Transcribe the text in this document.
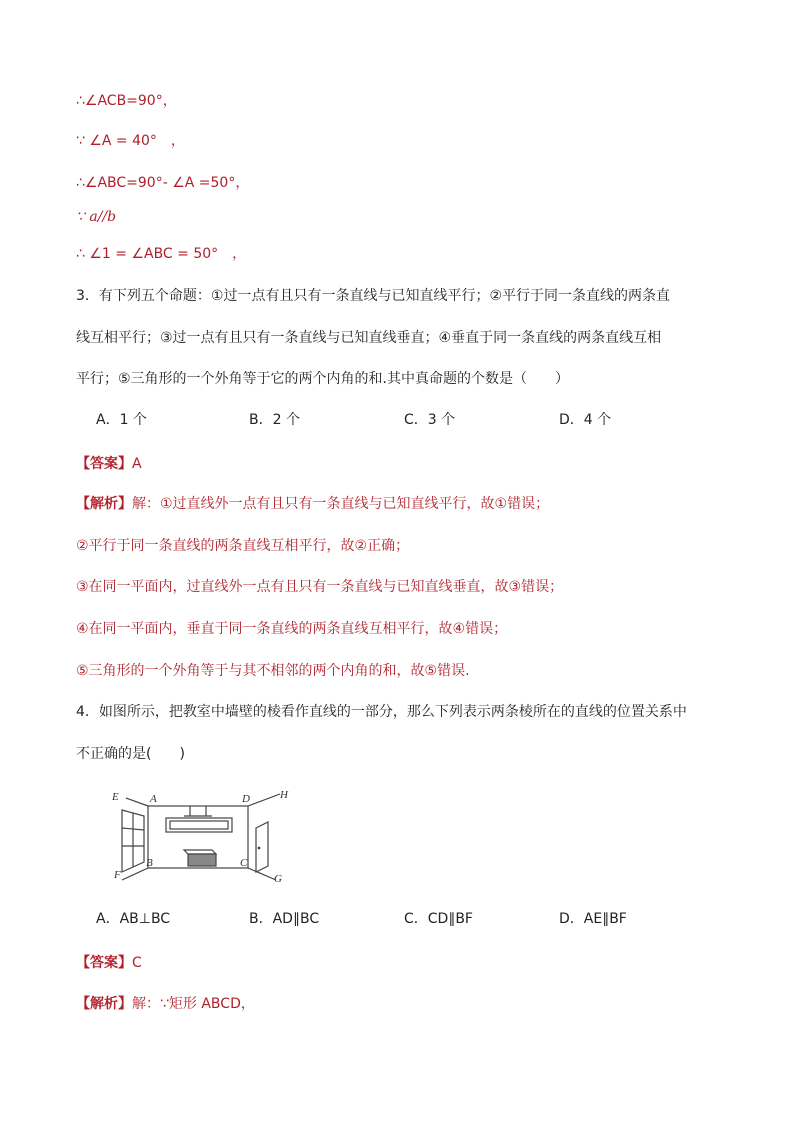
∴∠ACB=90°，
∵ ∠A = 40°　，
∴∠ABC=90°- ∠A =50°，
∵ a//b
∴ ∠1 = ∠ABC = 50°　，
3．有下列五个命题：①过一点有且只有一条直线与已知直线平行；②平行于同一条直线的两条直
线互相平行；③过一点有且只有一条直线与已知直线垂直；④垂直于同一条直线的两条直线互相
平行；⑤三角形的一个外角等于它的两个内角的和.其中真命题的个数是（　　）
A．1 个	B．2 个	C．3 个	D．4 个
【答案】A
【解析】解：①过直线外一点有且只有一条直线与已知直线平行，故①错误；
②平行于同一条直线的两条直线互相平行，故②正确；
③在同一平面内，过直线外一点有且只有一条直线与已知直线垂直，故③错误；
④在同一平面内，垂直于同一条直线的两条直线互相平行，故④错误；
⑤三角形的一个外角等于与其不相邻的两个内角的和，故⑤错误.
4．如图所示，把教室中墙壁的棱看作直线的一部分，那么下列表示两条棱所在的直线的位置关系中
不正确的是(　　)
E	A	D	H
F
B	C
G
A．AB⊥BC	B．AD∥BC	C．CD∥BF	D．AE∥BF
【答案】C
【解析】解：∵矩形 ABCD，
